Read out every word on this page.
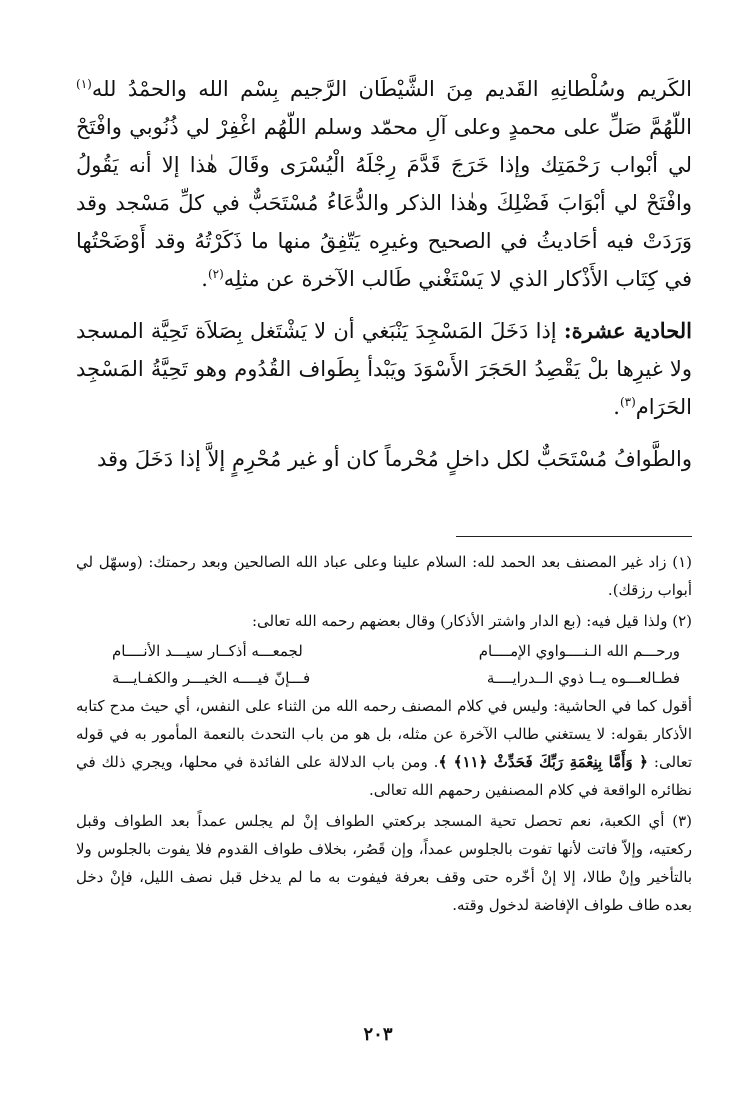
الكَريم وسُلْطانِهِ القَديم مِنَ الشَّيْطَان الرَّجيم بِسْم الله والحمْدُ لله$^{(١)}$ اللّهُمَّ صَلِّ على محمدٍ وعلى آلِ محمّد وسلم اللّهُم اغْفِرْ لي ذُنُوبي وافْتَحْ لي أبْواب رَحْمَتِك وإذا خَرَجَ قَدَّمَ رِجْلَهُ الْيُسْرَى وقَالَ هٰذا إلا أنه يَقُولُ وافْتَحْ لي أبْوَابَ فَضْلِكَ وهٰذا الذكر والدُّعَاءُ مُسْتَحَبٌّ في كلِّ مَسْجد وقد وَرَدَتْ فيه أحَاديثُ في الصحيح وغيرِه يَتّفِقُ منها ما ذَكَرْتُهُ وقد أَوْضَحْتُها في كِتَاب الأَذْكار الذي لا يَسْتَغْني طَالب الآخرة عن مثلِه$^{(٢)}$.

الحادية عشرة: إذا دَخَلَ المَسْجِدَ يَنْبَغي أن لا يَشْتَغل بِصَلاَة تَحِيَّة المسجد ولا غيرِها بلْ يَقْصِدُ الحَجَرَ الأَسْوَدَ ويَبْدأ بِطَواف القُدُوم وهو تَحِيَّةُ المَسْجِد الحَرَام$^{(٣)}$.

والطَّوافُ مُسْتَحَبٌّ لكل داخلٍ مُحْرماً كان أو غير مُحْرِمٍ إلاَّ إذا دَخَلَ وقد

(١) زاد غير المصنف بعد الحمد لله: السلام علينا وعلى عباد الله الصالحين وبعد رحمتك: (وسهّل لي أبواب رزقك).

(٢) ولذا قيل فيه: (بع الدار واشتر الأذكار) وقال بعضهم رحمه الله تعالى:

ورحـــم الله الـنــــواوي الإمــــام
لجمعـــه أذكــار سيـــد الأنــــام
فطـالعـــوه يــا ذوي الــدرايــــة
فـــإنّ فيــــه الخيـــر والكفـايـــة

أقول كما في الحاشية: وليس في كلام المصنف رحمه الله من الثناء على النفس، أي حيث مدح كتابه الأذكار بقوله: لا يستغني طالب الآخرة عن مثله، بل هو من باب التحدث بالنعمة المأمور به في قوله تعالى: ﴿ وَأَمَّا بِنِعْمَةِ رَبِّكَ فَحَدِّثْ ﴿١١﴾ ﴾. ومن باب الدلالة على الفائدة في محلها، ويجري ذلك في نظائره الواقعة في كلام المصنفين رحمهم الله تعالى.

(٣) أي الكعبة، نعم تحصل تحية المسجد بركعتي الطواف إنْ لم يجلس عمداً بعد الطواف وقبل ركعتيه، وإلاّ فاتت لأنها تفوت بالجلوس عمداً، وإن قَصُر، بخلاف طواف القدوم فلا يفوت بالجلوس ولا بالتأخير وإنْ طالا، إلا إنْ أخّره حتى وقف بعرفة فيفوت به ما لم يدخل قبل نصف الليل، فإنْ دخل بعده طاف طواف الإفاضة لدخول وقته.

٢٠٣
